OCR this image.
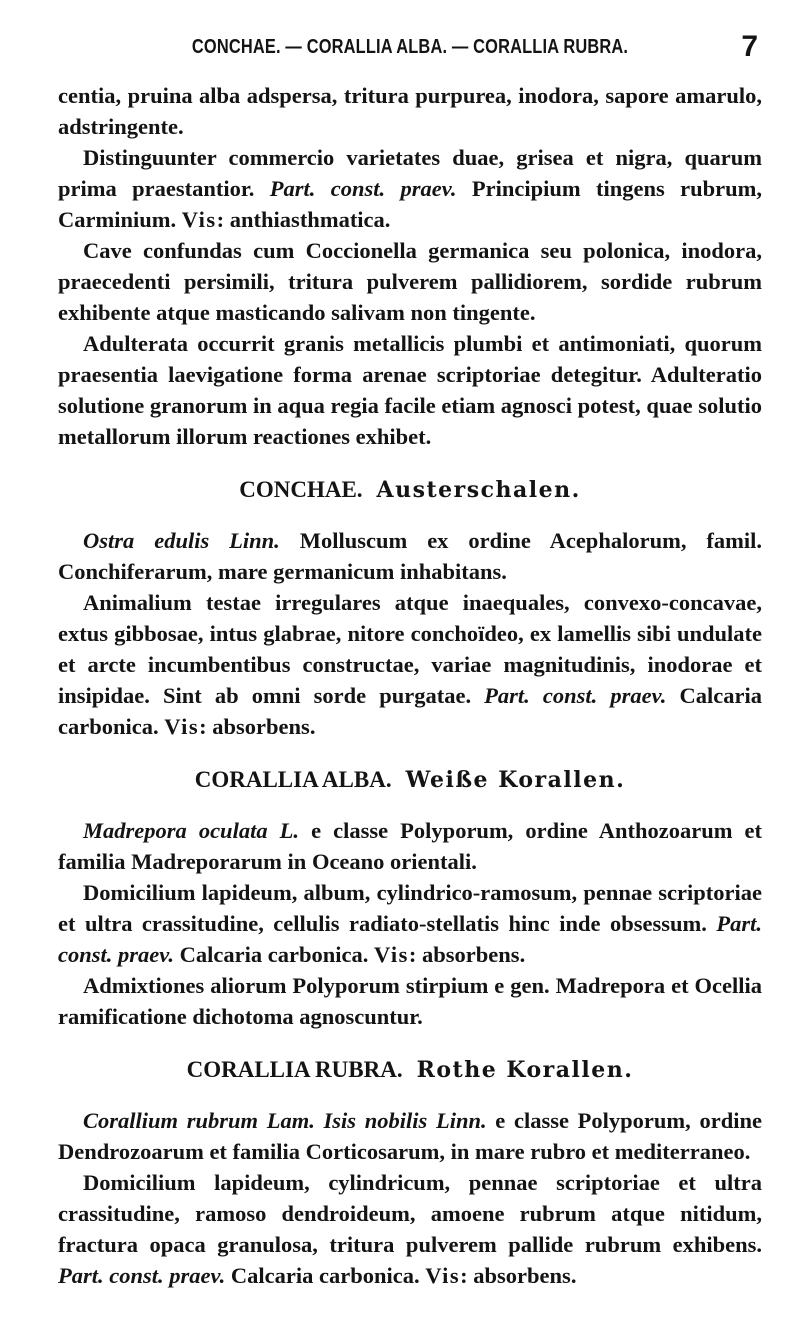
CONCHAE. — CORALLIA ALBA. — CORALLIA RUBRA.	7

centia, pruina alba adspersa, tritura purpurea, inodora, sapore amarulo, adstringente.

Distinguunter commercio varietates duae, grisea et nigra, quarum prima praestantior. Part. const. praev. Principium tingens rubrum, Carminium. Vis: anthiasthmatica.

Cave confundas cum Coccionella germanica seu polonica, inodora, praecedenti persimili, tritura pulverem pallidiorem, sordide rubrum exhibente atque masticando salivam non tingente.

Adulterata occurrit granis metallicis plumbi et antimoniati, quorum praesentia laevigatione forma arenae scriptoriae detegitur. Adulteratio solutione granorum in aqua regia facile etiam agnosci potest, quae solutio metallorum illorum reactiones exhibet.

CONCHAE. Austerschalen.

Ostra edulis Linn. Molluscum ex ordine Acephalorum, famil. Conchiferarum, mare germanicum inhabitans.

Animalium testae irregulares atque inaequales, convexo-concavae, extus gibbosae, intus glabrae, nitore conchoïdeo, ex lamellis sibi undulate et arcte incumbentibus constructae, variae magnitudinis, inodorae et insipidae. Sint ab omni sorde purgatae. Part. const. praev. Calcaria carbonica. Vis: absorbens.

CORALLIA ALBA. Weiße Korallen.

Madrepora oculata L. e classe Polyporum, ordine Anthozoarum et familia Madreporarum in Oceano orientali.

Domicilium lapideum, album, cylindrico-ramosum, pennae scriptoriae et ultra crassitudine, cellulis radiato-stellatis hinc inde obsessum. Part. const. praev. Calcaria carbonica. Vis: absorbens.

Admixtiones aliorum Polyporum stirpium e gen. Madrepora et Ocellia ramificatione dichotoma agnoscuntur.

CORALLIA RUBRA. Rothe Korallen.

Corallium rubrum Lam. Isis nobilis Linn. e classe Polyporum, ordine Dendrozoarum et familia Corticosarum, in mare rubro et mediterraneo.

Domicilium lapideum, cylindricum, pennae scriptoriae et ultra crassitudine, ramoso dendroideum, amoene rubrum atque nitidum, fractura opaca granulosa, tritura pulverem pallide rubrum exhibens. Part. const. praev. Calcaria carbonica. Vis: absorbens.
